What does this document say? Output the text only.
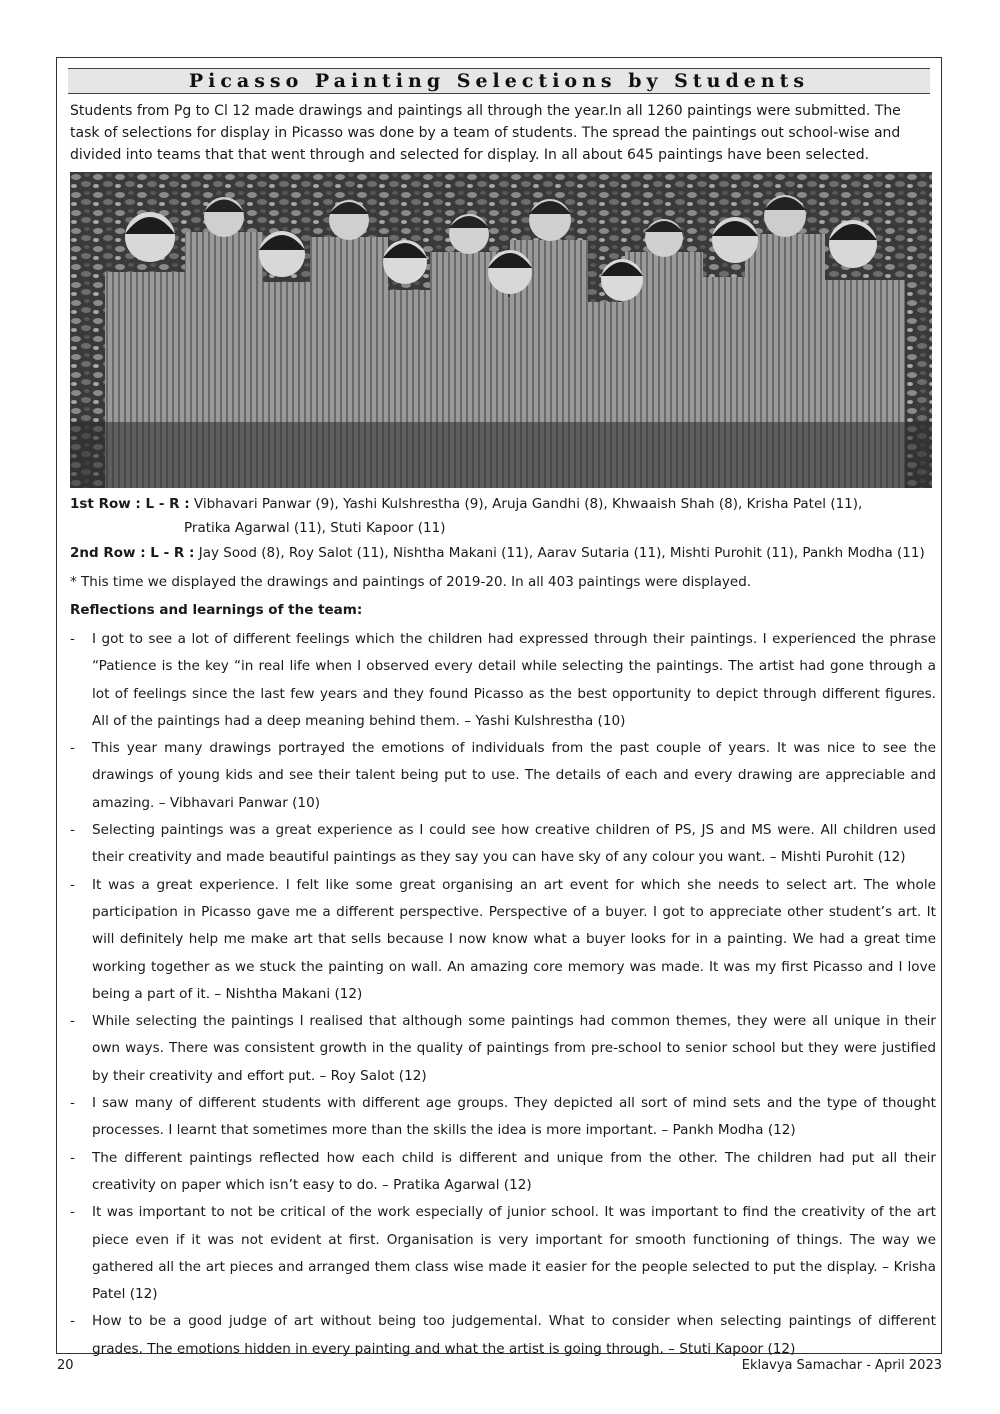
Picasso Painting Selections by Students
Students from Pg to Cl 12 made drawings and paintings all through the year.In all 1260 paintings were submitted. The task of selections for display in Picasso was done by a team of students. The spread the paintings out school-wise and divided into teams that that went through and selected for display. In all about 645 paintings have been selected.
1st Row : L - R : Vibhavari Panwar (9), Yashi Kulshrestha (9), Aruja Gandhi (8), Khwaaish Shah (8), Krisha Patel (11),
Pratika Agarwal (11), Stuti Kapoor (11)
2nd Row : L - R : Jay Sood (8), Roy Salot (11), Nishtha Makani (11), Aarav Sutaria (11), Mishti Purohit (11), Pankh Modha (11)
* This time we displayed the drawings and paintings of 2019-20. In all 403 paintings were displayed.
Reflections and learnings of the team:
- I got to see a lot of different feelings which the children had expressed through their paintings. I experienced the phrase “Patience is the key “in real life when I observed every detail while selecting the paintings. The artist had gone through a lot of feelings since the last few years and they found Picasso as the best opportunity to depict through different figures. All of the paintings had a deep meaning behind them. – Yashi Kulshrestha (10)
- This year many drawings portrayed the emotions of individuals from the past couple of years. It was nice to see the drawings of young kids and see their talent being put to use. The details of each and every drawing are appreciable and amazing. – Vibhavari Panwar (10)
- Selecting paintings was a great experience as I could see how creative children of PS, JS and MS were. All children used their creativity and made beautiful paintings as they say you can have sky of any colour you want. – Mishti Purohit (12)
- It was a great experience. I felt like some great organising an art event for which she needs to select art. The whole participation in Picasso gave me a different perspective. Perspective of a buyer. I got to appreciate other student’s art. It will definitely help me make art that sells because I now know what a buyer looks for in a painting. We had a great time working together as we stuck the painting on wall. An amazing core memory was made. It was my first Picasso and I love being a part of it. – Nishtha Makani (12)
- While selecting the paintings I realised that although some paintings had common themes, they were all unique in their own ways. There was consistent growth in the quality of paintings from pre-school to senior school but they were justified by their creativity and effort put. – Roy Salot (12)
- I saw many of different students with different age groups. They depicted all sort of mind sets and the type of thought processes. I learnt that sometimes more than the skills the idea is more important. – Pankh Modha (12)
- The different paintings reflected how each child is different and unique from the other. The children had put all their creativity on paper which isn’t easy to do. – Pratika Agarwal (12)
- It was important to not be critical of the work especially of junior school. It was important to find the creativity of the art piece even if it was not evident at first. Organisation is very important for smooth functioning of things. The way we gathered all the art pieces and arranged them class wise made it easier for the people selected to put the display. – Krisha Patel (12)
- How to be a good judge of art without being too judgemental. What to consider when selecting paintings of different grades. The emotions hidden in every painting and what the artist is going through. – Stuti Kapoor (12)
20	Eklavya Samachar - April 2023
